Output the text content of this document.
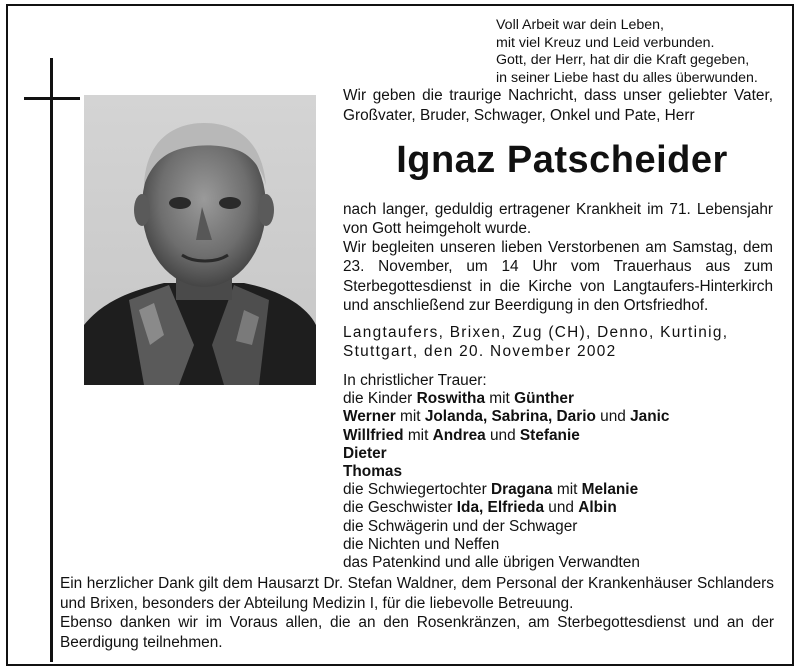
Voll Arbeit war dein Leben,
mit viel Kreuz und Leid verbunden.
Gott, der Herr, hat dir die Kraft gegeben,
in seiner Liebe hast du alles überwunden.
Wir geben die traurige Nachricht, dass unser geliebter Vater, Großvater, Bruder, Schwager, Onkel und Pate, Herr
Ignaz Patscheider
nach langer, geduldig ertragener Krankheit im 71. Lebensjahr von Gott heimgeholt wurde.
Wir begleiten unseren lieben Verstorbenen am Samstag, dem 23. November, um 14 Uhr vom Trauerhaus aus zum Sterbegottesdienst in die Kirche von Langtaufers-Hinterkirch und anschließend zur Beerdigung in den Ortsfriedhof.
Langtaufers, Brixen, Zug (CH), Denno, Kurtinig, Stuttgart, den 20. November 2002
In christlicher Trauer:
die Kinder Roswitha mit Günther
Werner mit Jolanda, Sabrina, Dario und Janic
Willfried mit Andrea und Stefanie
Dieter
Thomas
die Schwiegertochter Dragana mit Melanie
die Geschwister Ida, Elfrieda und Albin
die Schwägerin und der Schwager
die Nichten und Neffen
das Patenkind und alle übrigen Verwandten
Ein herzlicher Dank gilt dem Hausarzt Dr. Stefan Waldner, dem Personal der Krankenhäuser Schlanders und Brixen, besonders der Abteilung Medizin I, für die liebevolle Betreuung.
Ebenso danken wir im Voraus allen, die an den Rosenkränzen, am Sterbegottesdienst und an der Beerdigung teilnehmen.
